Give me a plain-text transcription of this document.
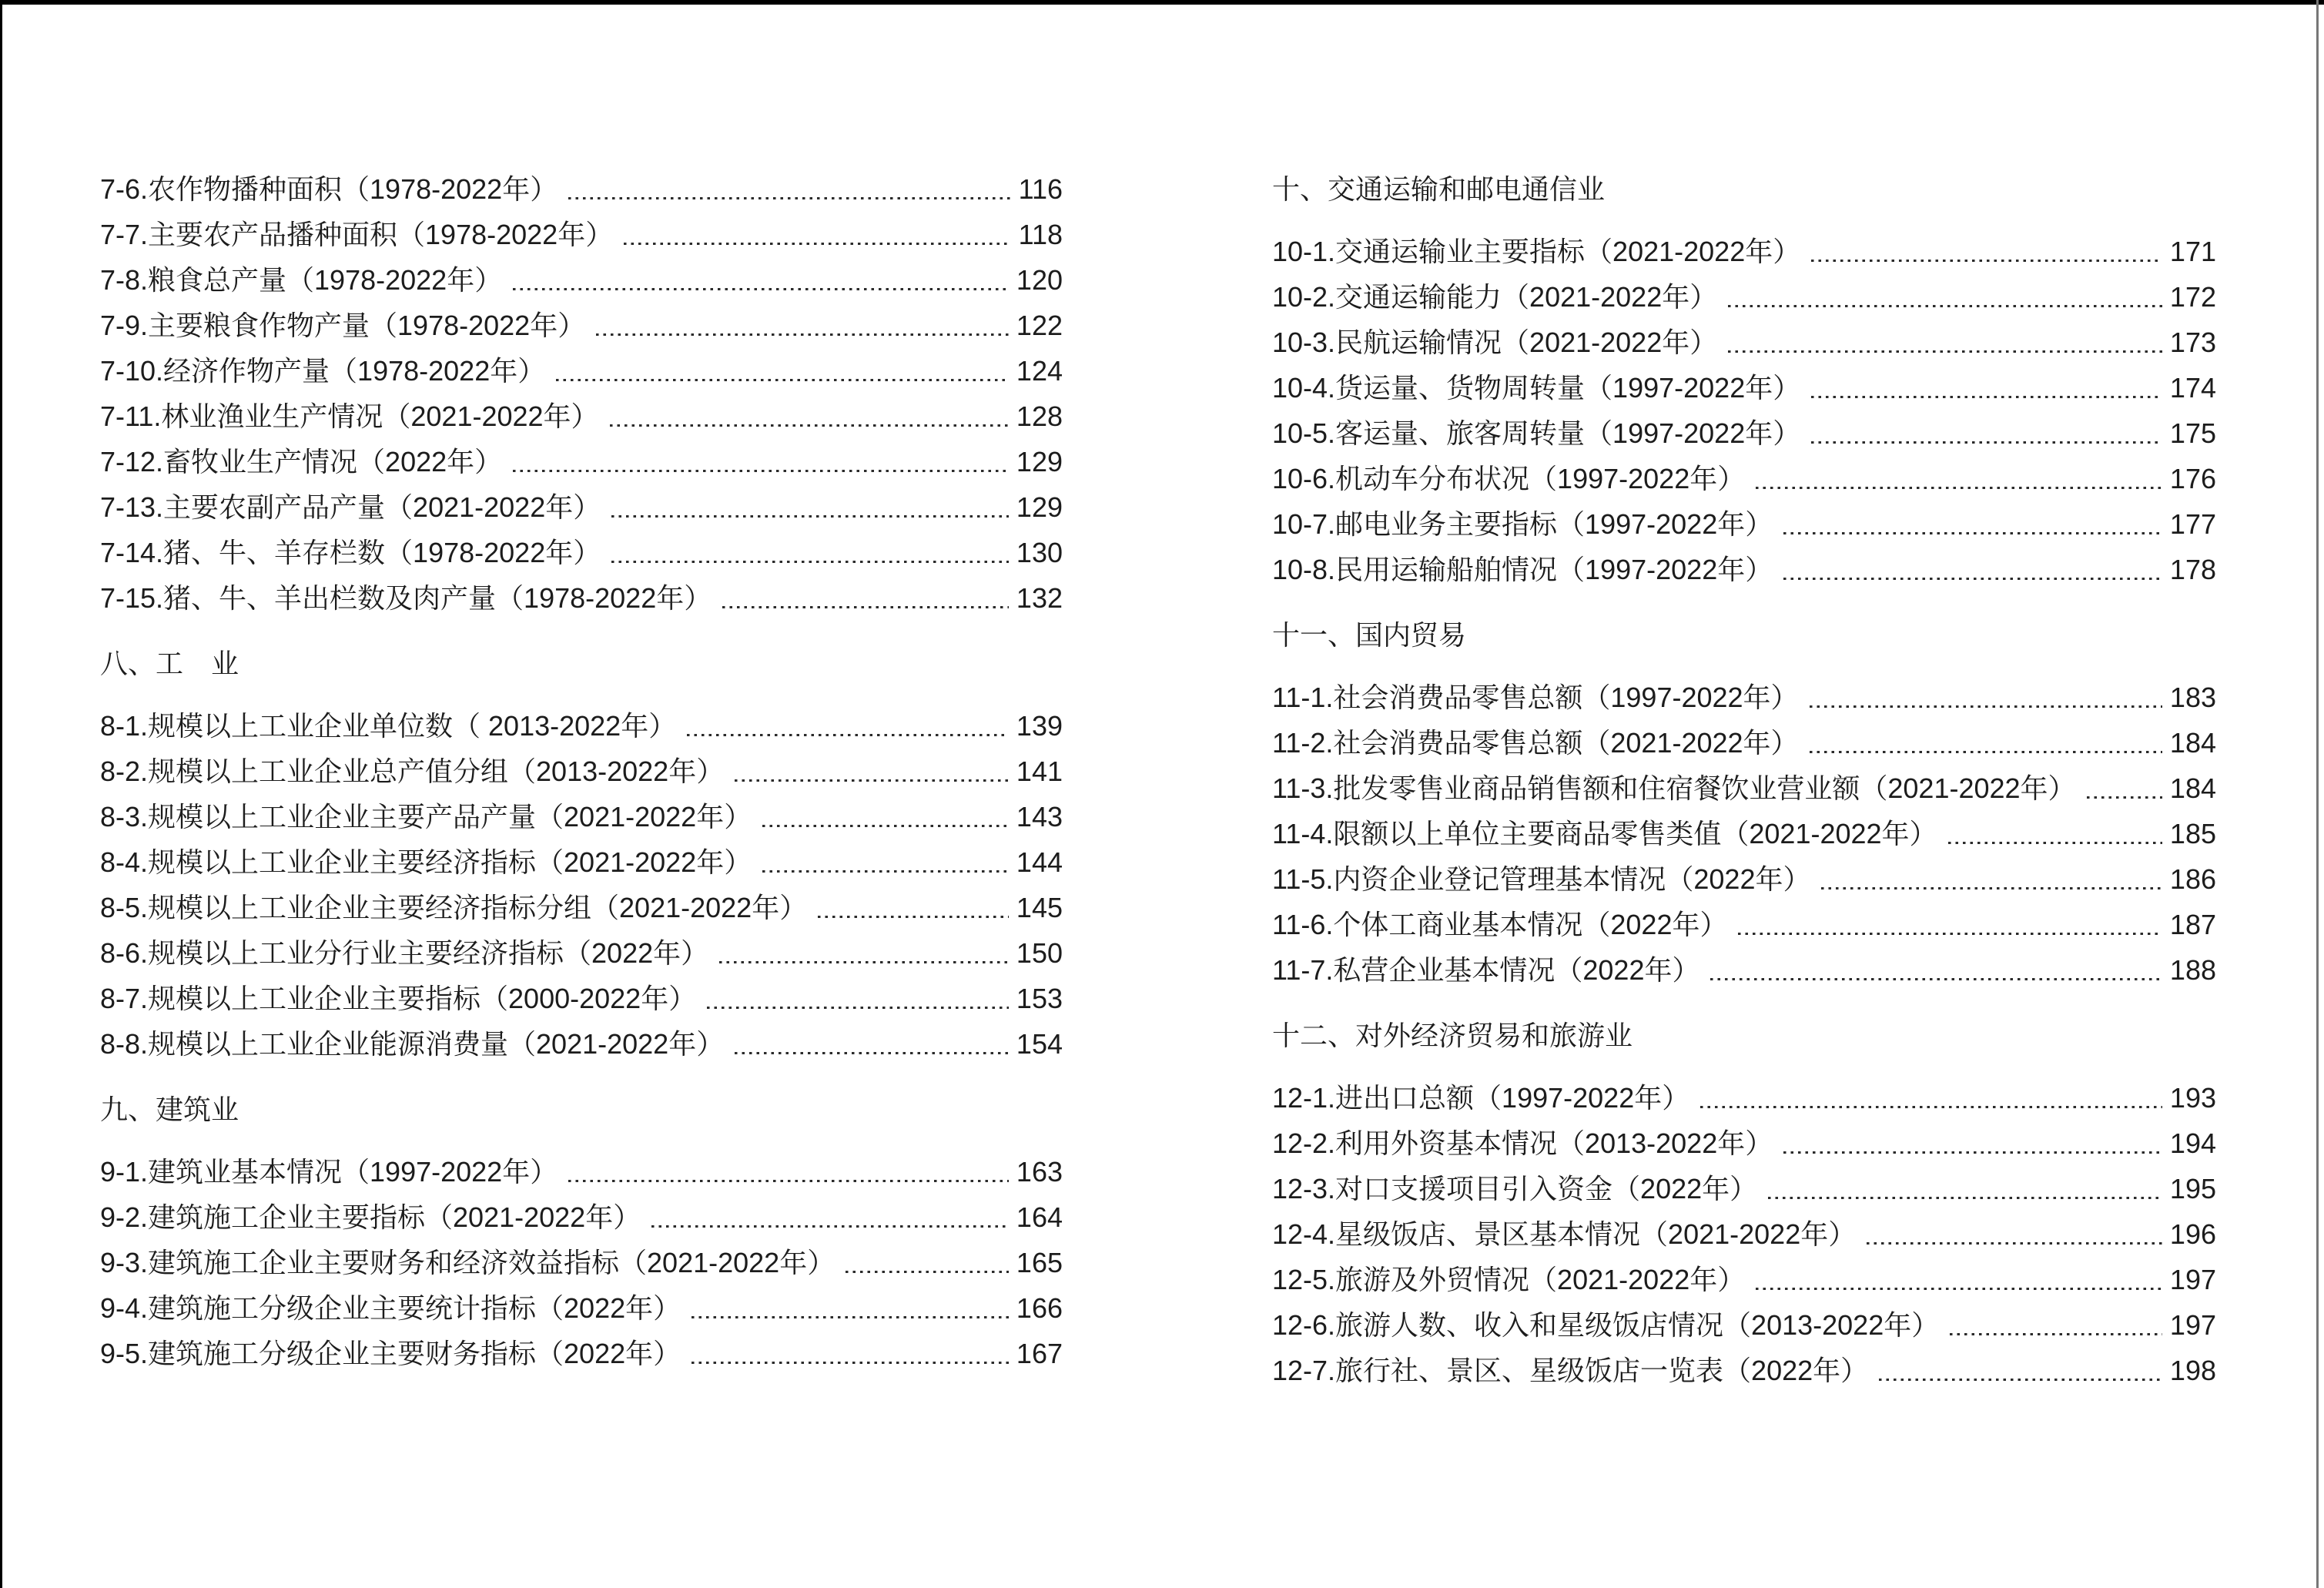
7-6.农作物播种面积（1978-2022年）	116
7-7.主要农产品播种面积（1978-2022年）	118
7-8.粮食总产量（1978-2022年）	120
7-9.主要粮食作物产量（1978-2022年）	122
7-10.经济作物产量（1978-2022年）	124
7-11.林业渔业生产情况（2021-2022年）	128
7-12.畜牧业生产情况（2022年）	129
7-13.主要农副产品产量（2021-2022年）	129
7-14.猪、牛、羊存栏数（1978-2022年）	130
7-15.猪、牛、羊出栏数及肉产量（1978-2022年）	132
八、工　业
8-1.规模以上工业企业单位数（ 2013-2022年）	139
8-2.规模以上工业企业总产值分组（2013-2022年）	141
8-3.规模以上工业企业主要产品产量（2021-2022年）	143
8-4.规模以上工业企业主要经济指标（2021-2022年）	144
8-5.规模以上工业企业主要经济指标分组（2021-2022年）	145
8-6.规模以上工业分行业主要经济指标（2022年）	150
8-7.规模以上工业企业主要指标（2000-2022年）	153
8-8.规模以上工业企业能源消费量（2021-2022年）	154
九、建筑业
9-1.建筑业基本情况（1997-2022年）	163
9-2.建筑施工企业主要指标（2021-2022年）	164
9-3.建筑施工企业主要财务和经济效益指标（2021-2022年）	165
9-4.建筑施工分级企业主要统计指标（2022年）	166
9-5.建筑施工分级企业主要财务指标（2022年）	167
十、交通运输和邮电通信业
10-1.交通运输业主要指标（2021-2022年）	171
10-2.交通运输能力（2021-2022年）	172
10-3.民航运输情况（2021-2022年）	173
10-4.货运量、货物周转量（1997-2022年）	174
10-5.客运量、旅客周转量（1997-2022年）	175
10-6.机动车分布状况（1997-2022年）	176
10-7.邮电业务主要指标（1997-2022年）	177
10-8.民用运输船舶情况（1997-2022年）	178
十一、国内贸易
11-1.社会消费品零售总额（1997-2022年）	183
11-2.社会消费品零售总额（2021-2022年）	184
11-3.批发零售业商品销售额和住宿餐饮业营业额（2021-2022年）	184
11-4.限额以上单位主要商品零售类值（2021-2022年）	185
11-5.内资企业登记管理基本情况（2022年）	186
11-6.个体工商业基本情况（2022年）	187
11-7.私营企业基本情况（2022年）	188
十二、对外经济贸易和旅游业
12-1.进出口总额（1997-2022年）	193
12-2.利用外资基本情况（2013-2022年）	194
12-3.对口支援项目引入资金（2022年）	195
12-4.星级饭店、景区基本情况（2021-2022年）	196
12-5.旅游及外贸情况（2021-2022年）	197
12-6.旅游人数、收入和星级饭店情况（2013-2022年）	197
12-7.旅行社、景区、星级饭店一览表（2022年）	198
